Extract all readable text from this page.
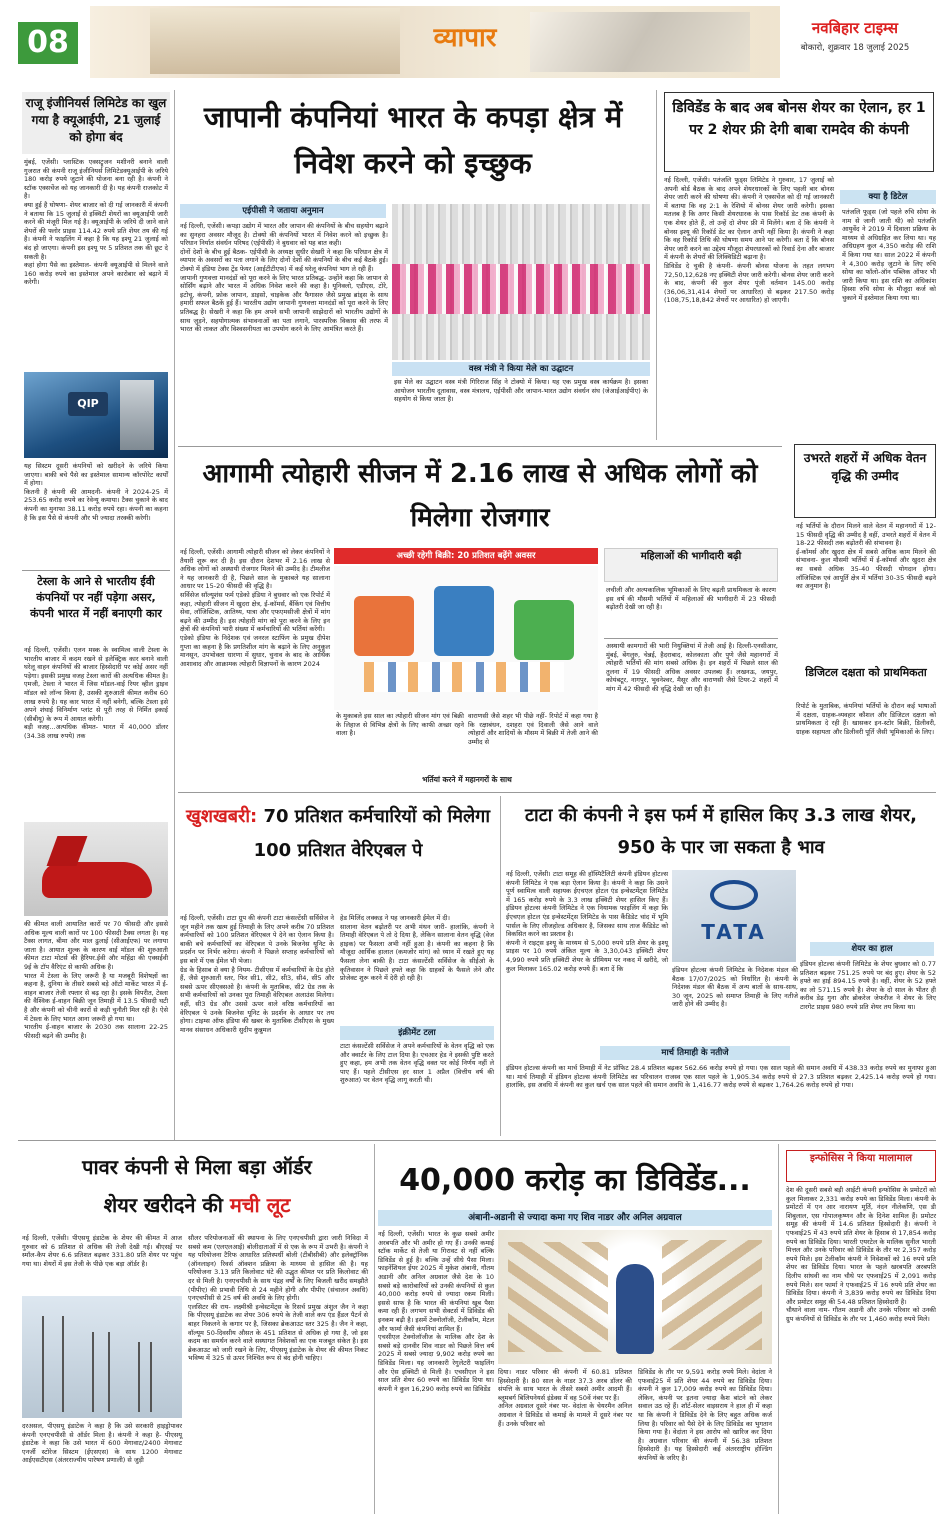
08	व्यापार	नवबिहार टाइम्स
बोकारो, शुक्रवार 18 जुलाई 2025
राजू इंजीनियर्स लिमिटेड का खुल गया है क्यूआईपी, 21 जुलाई को होगा बंद
मुंबई, एजेंसी। प्लास्टिक एक्सट्रूजन मशीनरी बनाने वाली गुजरात की कंपनी राजू इंजीनियर्स लिमिटेडक्यूआईपी के जरिये 180 करोड़ रुपये जुटाने की योजना बना रही है। कंपनी ने स्टॉक एक्सचेंज को यह जानकारी दी है। यह कंपनी राजकोट में है।
क्या हुई है घोषणा- शेयर बाजार को दी गई जानकारी में कंपनी ने बताया कि 15 जुलाई से इक्विटी शेयरों का क्यूआईपी जारी करने की मंजूरी मिल गई है। क्यूआईपी के जरिये दी जाने वाले शेयरों की फ्लोर प्राइस 114.42 रुपये प्रति शेयर तय की गई है। कंपनी ने फाइलिंग में कहा है कि यह इश्यू 21 जुलाई को बंद हो जाएगा। कंपनी इस इश्यू पर 5 प्रतिशत तक की छूट दे सकती है।
कहां होगा पैसे का इस्तेमाल- कंपनी क्यूआईपी से मिलने वाले 160 करोड़ रुपये का इस्तेमाल अपने कारोबार को बढ़ाने में करेगी।
QIP
यह सिस्टम दूसरी कंपनियों को खरीदने के जरिये किया जाएगा। बाकी बचे पैसे का इस्तेमाल सामान्य कॉरपोरेट कार्यों में होगा।
कितनी है कंपनी की आमदनी- कंपनी ने 2024-25 में 253.65 करोड़ रुपये का रेवेन्यू कमाया। टैक्स चुकाने के बाद कंपनी का मुनाफा 38.11 करोड़ रुपये रहा। कंपनी का कहना है कि इस पैसे से कंपनी और भी ज्यादा तरक्की करेगी।
टेस्ला के आने से भारतीय ईवी कंपनियों पर नहीं पड़ेगा असर, कंपनी भारत में नहीं बनाएगी कार
नई दिल्ली, एजेंसी। एलन मस्क के स्वामित्व वाली टेस्ला के भारतीय बाजार में कदम रखने से इलेक्ट्रिक कार बनाने वाली घरेलू वाहन कंपनियों की बाजार हिस्सेदारी पर कोई असर नहीं पड़ेगा। इसकी प्रमुख वजह टेस्ला कारों की अत्यधिक कीमत है। एमजी, टेस्ला ने भारत में जिस मॉडल-वाई रियर व्हील ड्राइव मॉडल को लॉन्च किया है, उसकी शुरुआती कीमत करीब 60 लाख रुपये है। यह कार भारत में नहीं बनेगी, बल्कि टेस्ला इसे अपने शंघाई विनिर्माण प्लांट से पूरी तरह से निर्मित इकाई (सीबीयू) के रूप में आयात करेगी।
बड़ी वजह...अत्यधिक कीमत- भारत में 40,000 डॉलर (34.38 लाख रुपये) तक
की कीमत वाली आयातित कारों पर 70 फीसदी और इससे अधिक मूल्य वाली कारों पर 100 फीसदी टैक्स लगता है। यह टैक्स लागत, बीमा और माल ढुलाई (सीआईएफ) पर लगाया जाता है। आयात शुल्क के कारण वाई मॉडल की शुरुआती कीमत टाटा मोटर्स की हैरियर.ईवी और महिंद्रा की एक्सईवी 9ई के टॉप वैरिएंट से काफी अधिक है।
भारत में टेस्ला के लिए जरूरी है या मजबूरी विशेषज्ञों का कहना है, दुनिया के तीसरे सबसे बड़े ऑटो मार्केट भारत में ई-वाहन बाजार तेजी रफ्तार से बढ़ रहा है। इसके विपरीत, टेस्ला की वैश्विक ई-वाहन बिक्री जून तिमाही में 13.5 फीसदी घटी है और कंपनी को चीनी कारों से कड़ी चुनौती मिल रही है। ऐसे में टेस्ला के लिए भारत आना जरूरी हो गया था।
भारतीय ई-वाहन बाजार के 2030 तक सालाना 22-25 फीसदी बढ़ने की उम्मीद है।
जापानी कंपनियां भारत के कपड़ा क्षेत्र में निवेश करने को इच्छुक
एईपीसी ने जताया अनुमान
नई दिल्ली, एजेंसी। कपड़ा उद्योग में भारत और जापान की कंपनियों के बीच सहयोग बढ़ाने का सुनहरा अवसर मौजूद है। टोक्यो की कंपनियों भारत में निवेश करने को इच्छुक है। परिधान निर्यात संवर्धन परिषद (एईपीसी) ने बुधवार को यह बात कही।
दोनों देशों के बीच हुई बैठक- एईपीसी के अध्यक्ष सुधीर सेखरी ने कहा कि परिधान क्षेत्र में व्यापार के अवसरों का पता लगाने के लिए दोनों देशों की कंपनियों के बीच कई बैठकें हुई। टोक्यो में इंडिया टेक्स ट्रेंड फेयर (आईटीटीएफ) में कई घरेलू कंपनियां भाग ले रही हैं।
जापानी गुणवत्ता मानदंडों को पूरा करने के लिए भारत प्रतिबद्ध- उन्होंने कहा कि जापान से सोर्सिंग बढ़ाने और भारत में अधिक निवेश करने की कहा है। यूनिक्लो, एडीएस, टोरे, इटोचू, कंपनी, फ्रोक जापान, डाइसो, चाइकेक और फैगासरु जैसे प्रमुख ब्रांड्स के साथ हमारी सफल बैठकें हुई हैं। भारतीय उद्योग जापानी गुणवत्ता मानदंडों को पूरा करने के लिए प्रतिबद्ध है। सेखरी ने कहा कि हम अपने सभी जापानी साझेदारों को भारतीय उद्योगों के साथ जुड़ने, सहयोगात्मक संभावनाओं का पता लगाने, पारस्परिक विकास की तरफ में भारत की ताकत और विश्वसनीयता का उपयोग करने के लिए आमंत्रित करते हैं।
वस्त्र मंत्री ने किया मेले का उद्घाटन
इस मेले का उद्घाटन वस्त्र मंत्री गिरिराज सिंह ने टोक्यो में किया। यह एक प्रमुख वस्त्र कार्यक्रम है। इसका आयोजन भारतीय दूतावास, वस्त्र मंत्रालय, एईपीसी और जापान-भारत उद्योग संवर्धन संघ (जेआईआईपीए) के सहयोग से किया जाता है।
डिविडेंड के बाद अब बोनस शेयर का ऐलान, हर 1 पर 2 शेयर फ्री देगी बाबा रामदेव की कंपनी
नई दिल्ली, एजेंसी। पतंजलि फूड्स लिमिटेड ने गुरुवार, 17 जुलाई को अपनी बोर्ड बैठक के बाद अपने शेयरधारकों के लिए पहली बार बोनस शेयर जारी करने की घोषणा की। कंपनी ने एक्सचेंज को दी गई जानकारी में बताया कि वह 2:1 के रेशियो में बोनस शेयर जारी करेगी। इसका मतलब है कि अगर किसी शेयरधारक के पास रिकॉर्ड डेट तक कंपनी के एक शेयर होते हैं, तो उन्हें दो शेयर फ्री में मिलेंगे। बता दें कि कंपनी ने बोनस इश्यू की रिकॉर्ड डेट का ऐलान अभी नहीं किया है। कंपनी ने कहा कि वह रिकॉर्ड तिथि की घोषणा समय आने पर करेगी। बता दें कि बोनस शेयर जारी करने का उद्देश्य मौजूदा शेयरधारकों को रिवार्ड देना और बाजार में कंपनी के शेयरों की लिक्विडिटी बढ़ाना है।
डिविडेंड दे चुकी है कंपनी- कंपनी बोनस योजना के तहत लगभग 72,50,12,628 नए इक्विटी शेयर जारी करेगी। बोनस शेयर जारी करने के बाद, कंपनी की कुल शेयर पूंजी वर्तमान 145.00 करोड़ (36,06,31,414 शेयरों पर आधारित) से बढ़कर 217.50 करोड़ (108,75,18,842 शेयरों पर आधारित) हो जाएगी।
क्या है डिटेल
पतंजलि फूड्स (जो पहले रुचि सोया के नाम से जानी जाती थी) को पतंजलि आयुर्वेद ने 2019 में दिवाला प्रक्रिया के माध्यम से अधिग्रहित कर लिया था। यह अधिग्रहण कुल 4,350 करोड़ की राशि में किया गया था। साल 2022 में कंपनी ने 4,300 करोड़ जुटाने के लिए रुचि सोया का फॉलो-ऑन पब्लिक ऑफर भी जारी किया था। इस राशि का अधिकांश हिस्सा रुचि सोया के मौजूदा कर्ज को चुकाने में इस्तेमाल किया गया था।
आगामी त्योहारी सीजन में 2.16 लाख से अधिक लोगों को मिलेगा रोजगार
नई दिल्ली, एजेंसी। आगामी त्योहारी सीजन को लेकर कंपनियों ने तैयारी शुरू कर दी है। इस दौरान देशभर में 2.16 लाख से अधिक लोगों को अस्थायी रोजगार मिलने की उम्मीद है। टीमलीज ने यह जानकारी दी है, पिछले साल के मुकाबले यह सालाना आधार पर 15-20 फीसदी की वृद्धि है।
सर्विसेज सॉल्यूशंस फर्म एडेको इंडिया ने बुधवार को एक रिपोर्ट में कहा, त्योहारी सीजन में खुदरा क्षेत्र, ई-कॉमर्स, बैंकिंग एवं वित्तीय सेवा, लॉजिस्टिक, आतिथ्य, यात्रा और एफएमसीजी क्षेत्रों में मांग बढ़ने की उम्मीद है। इस त्योहारी मांग को पूरा करने के लिए इन क्षेत्रों की कंपनियों भारी संख्या में कर्मचारियों की भर्तियां करेंगी।
एडेको इंडिया के निदेशक एवं जनरल स्टाफिंग के प्रमुख दीपेश गुप्ता का कहना है कि प्रगतिशील मांग के बढ़ाने के लिए अनुकूल मानसून, उपभोक्ता धारणा में सुधार, चुनाव के बाद के आर्थिक आशावाद और आक्रामक त्योहारी विज्ञापनों के कारण 2024
अच्छी रहेगी बिक्री: 20 प्रतिशत बढ़ेंगे अवसर
के मुकाबले इस साल का त्योहारी सीजन मांग एवं बिक्री के लिहाज से विभिन्न क्षेत्रों के लिए काफी अच्छा रहने वाला है।
वाराणसी जैसे शहर भी पीछे नहीं- रिपोर्ट में कहा गया है कि रक्षाबंधन, दशहरा एवं दिवाली जैसे आने वाले त्योहारों और शादियों के मौसम में बिक्री में तेजी आने की उम्मीद से
भर्तियां करने में महानगरों के साथ
महिलाओं की भागीदारी बढ़ी
लचीली और अल्पकालिक भूमिकाओं के लिए बढ़ती प्राथमिकता के कारण इस वर्ष की मौसमी भर्तियों में महिलाओं की भागीदारी में 23 फीसदी बढ़ोतरी देखी जा रही है।
अस्थायी कामगारों की भारी नियुक्तियां में तेजी आई है। दिल्ली-एनसीआर, मुंबई, बेंगलुरु, चेन्नई, हैदराबाद, कोलकाता और पुणे जैसे महानगरों में त्योहारी भर्तियों की मांग सबसे अधिक है। इन शहरों में पिछले साल की तुलना में 19 फीसदी अधिक अवसर उपलब्ध हैं। लखनऊ, जयपुर, कोयंबटूर, नागपुर, भुवनेश्वर, मैसूर और वाराणसी जैसे टियर-2 शहरों में मांग में 42 फीसदी की वृद्धि देखी जा रही है।
उभरते शहरों में अधिक वेतन वृद्धि की उम्मीद
नई भर्तियों के दौरान मिलने वाले वेतन में महानगरों में 12-15 फीसदी वृद्धि की उम्मीद है वहीं, उभरते शहरों में वेतन में 18-22 फीसदी तक बढ़ोतरी की संभावना है।
ई-कॉमर्स और खुदरा क्षेत्र में सबसे अधिक काम मिलने की संभावना- कुल मौसमी भर्तियों में ई-कॉमर्स और खुदरा क्षेत्र का सबसे अधिक 35-40 फीसदी योगदान होगा। लॉजिस्टिक एवं आपूर्ति क्षेत्र में भर्तियां 30-35 फीसदी बढ़ने का अनुमान है।
डिजिटल दक्षता को प्राथमिकता
रिपोर्ट के मुताबिक, कंपनियां भर्तियों के दौरान कई भाषाओं में दक्षता, ग्राहक-व्यवहार कौशल और डिजिटल दक्षता को प्राथमिकता दे रही हैं। खासकर इन-स्टोर बिक्री, डिलीवरी, ग्राहक सहायता और डिलीवरी पूर्ति जैसी भूमिकाओं के लिए।
खुशखबरी: 70 प्रतिशत कर्मचारियों को मिलेगा 100 प्रतिशत वेरिएबल पे
नई दिल्ली, एजेंसी। टाटा ग्रुप की कंपनी टाटा कंसल्टेंसी सर्विसेज ने जून महीने तक खत्म हुई तिमाही के लिए अपने करीब 70 प्रतिशत कर्मचारियों को 100 प्रतिशत वेरिएबल पे देने का ऐलान किया है। बाकी बचे कर्मचारियों का वेरिएबल पे उनके बिजनेस यूनिट के प्रदर्शन पर निर्भर करेगा। कंपनी ने पिछले सप्ताह कर्मचारियों को इस बारे में एक ईमेल भी भेजा।
ग्रेड के हिसाब से क्या है नियम- टीसीएस में कर्मचारियों के ग्रेड होते हैं, जैसे शुरुआती स्तर, फिर सी1, सी2, सी3, सी4, सी5 और सबसे ऊपर सीएक्सओ है। कंपनी के मुताबिक, सी2 ग्रेड तक के सभी कर्मचारियों को उनका पूरा तिमाही वेरिएबल अलाउंस मिलेगा। वहीं, सी3 ग्रेड और उससे ऊपर वाले वरिष्ठ कर्मचारियों का वेरिएबल पे उनके बिजनेस यूनिट के प्रदर्शन के आधार पर तय होगा। टाइम्स ऑफ इंडिया की खबर के मुताबिक टीसीएस के मुख्य मानव संसाधन अधिकारी सुदीप कुन्नुमल
हेड मिलिंद लक्कड़ ने यह जानकारी ईमेल में दी।
सालाना वेतन बढ़ोतरी पर अभी मंथन जारी- हालांकि, कंपनी ने तिमाही वेरिएबल पे तो दे दिया है, लेकिन सालाना वेतन वृद्धि (वेज हाइक) पर फैसला अभी नहीं हुआ है। कंपनी का कहना है कि मौजूदा आर्थिक हालात (कमजोर मांग) को ध्यान में रखते हुए यह फैसला लेना बाकी है। टाटा कंसल्टेंसी सर्विसेज के सीईओ के कृतिवासन ने पिछले हफ्ते कहा कि ग्राहकों के फैसले लेने और प्रोजेक्ट शुरू करने में देरी हो रही है।
इंक्रीमेंट टला
टाटा कंसल्टेंसी सर्विसेज ने अपने कर्मचारियों के वेतन वृद्धि को एक और क्वार्टर के लिए टाल दिया है। एचआर हेड ने इसकी पुष्टि करते हुए कहा, हम अभी तक वेतन वृद्धि वक्त पर कोई निर्णय नहीं ले पाए हैं। पहले टीसीएस हर साल 1 अप्रैल (वित्तीय वर्ष की शुरुआत) पर वेतन वृद्धि लागू करती थी।
टाटा की कंपनी ने इस फर्म में हासिल किए 3.3 लाख शेयर, 950 के पार जा सकता है भाव
नई दिल्ली, एजेंसी। टाटा समूह की हॉस्पिटैलिटी कंपनी इंडियन होटल्स कंपनी लिमिटेड ने एक बड़ा ऐलान किया है। कंपनी ने कहा कि उसने पूर्ण स्वामित्व वाली सहायक ईएचएल होटल एंड इन्वेस्टमेंट्स लिमिटेड में 165 करोड़ रुपये के 3.3 लाख इक्विटी शेयर हासिल किए हैं। इंडियन होटल्स कंपनी लिमिटेड ने एक नियामक फाइलिंग में कहा कि ईएचएल होटल एंड इन्वेस्टमेंट्स लिमिटेड के पास कैंडिडेट चांद में भूमि पार्सल के लिए लीजहोल्ड अधिकार है, जिसका साथ ताज कैंडिडेट को विकसित करने का प्रस्ताव है।
कंपनी ने राइट्स इश्यू के माध्यम से 5,000 रुपये प्रति शेयर के इश्यू प्राइस पर 10 रुपये अंकित मूल्य के 3,30,043 इक्विटी शेयर 4,990 रुपये प्रति इक्विटी शेयर के प्रीमियम पर नकद में खरीदे, जो कुल मिलाकर 165.02 करोड़ रुपये हैं। बता दें कि
TATA
इंडियन होटल्स कंपनी लिमिटेड के निदेशक मंडल की बैठक 17/07/2025 को निर्धारित है। कंपनी के निदेशक मंडल की बैठक में अन्य बातों के साथ-साथ, 30 जून, 2025 को समाप्त तिमाही के लिए नतीजे जारी होने की उम्मीद है।
शेयर का हाल
इंडियन होटल्स कंपनी लिमिटेड के शेयर बुधवार को 0.77 प्रतिशत बढ़कर 751.25 रुपये पर बंद हुए। शेयर के 52 हफ्ते का हाई 894.15 रुपये है। वहीं, शेयर के 52 हफ्ते का लो 571.15 रुपये है। शेयर के दो साल के भीतर ही करीब डेढ़ गुना और ब्रोकरेज जेफरीज ने शेयर के लिए टारगेट प्राइस 980 रुपये प्रति शेयर तय किया था।
मार्च तिमाही के नतीजे
इंडियन होटल्स कंपनी का मार्च तिमाही में नेट प्रॉफिट 28.4 प्रतिशत बढ़कर 562.66 करोड़ रुपये हो गया। एक साल पहले की समान अवधि में 438.33 करोड़ रुपये का मुनाफा हुआ था। मार्च तिमाही में इंडियन होटल्स कंपनी लिमिटेड का परिचालन राजस्व एक साल पहले के 1,905.34 करोड़ रुपये से 27.3 प्रतिशत बढ़कर 2,425.14 करोड़ रुपये हो गया। हालांकि, इस अवधि में कंपनी का कुल खर्च एक साल पहले की समान अवधि के 1,416.77 करोड़ रुपये से बढ़कर 1,764.26 करोड़ रुपये हो गया।
पावर कंपनी से मिला बड़ा ऑर्डर
शेयर खरीदने की मची लूट
नई दिल्ली, एजेंसी। पीएसयू इंडाटेक के शेयर की कीमत में आज गुरुवार को 6 प्रतिशत से अधिक की तेजी देखी गई। बीएसई पर स्मॉल-कैप शेयर 6.6 प्रतिशत बढ़कर 331.80 प्रति शेयर पर पहुंच गया था। शेयरों में इस तेजी के पीछे एक बड़ा ऑर्डर है।
दरअसल, पीएसयू इंडाटेक ने कहा है कि उसे सरकारी हाइड्रोपावर कंपनी एनएचपीसी से ऑर्डर मिला है। कंपनी ने कहा है- पीएसयू इंडाटेक ने कहा कि उसे भारत में 600 मेगावाट/2400 मेगावाट एनर्जी स्टोरेज सिस्टम (ईएसएस) के साथ 1200 मेगावाट आईएसटीएस (अंतरराज्यीय पारेषण प्रणाली) से जुड़ी
सौलर परियोजनाओं की स्थापना के लिए एनएचपीसी द्वारा जारी निविदा में सबसे कम (एलएलआई) बोलीदाताओं में से एक के रूप में उभरी है। कंपनी ने यह परियोजना टैरिफ आधारित प्रतिस्पर्धी बोली (टीबीसीबी) और इलेक्ट्रॉनिक (ऑनलाइन) रिवर्स ऑक्शन प्रक्रिया के माध्यम से हासिल की है। यह परियोजना 3.13 प्रति किलोवाट घंटे की उद्धृत कीमत पर प्रति किलोवाट की दर से मिली है। एनएचपीसी के साथ पंद्रह वर्षों के लिए बिजली खरीद समझौते (पीपीए) की प्रभावी तिथि से 24 महीने होगी और पीपीए (संचालन अवधि) एनएचपीसी से 25 वर्ष की अवधि के लिए होगी।
एलसिटर की राय- लक्ष्मीश्री इन्वेस्टमेंट्स के रिसर्च प्रमुख अंशुल जैन ने कहा कि पीएसयू इंडाटेक का शेयर 306 रुपये के तेजी वाले कप एंड हैंडल पैटर्न से बाहर निकलने के कगार पर है, जिसका ब्रेकआउट स्तर 325 है। जैन ने कहा, वॉल्यूम 50-दिवसीय औसत के 451 प्रतिशत से अधिक हो गया है, जो इस कदम का समर्थन करने वाले सस्थागत निवेशकों का एक मजबूत संकेत है। इस ब्रेकआउट को जारी रखने के लिए, पीएसयू इंडाटेक के शेयर की कीमत निकट भविष्य में 325 से ऊपर निश्चित रूप से बंद होनी चाहिए।
40,000 करोड़ का डिविडेंड...
अंबानी-अडानी से ज्यादा कमा गए शिव नाडर और अनिल अग्रवाल
नई दिल्ली, एजेंसी। भारत के कुछ सबसे अमीर अरबपति और भी अमीर हो गए हैं। उनकी कमाई स्टॉक मार्केट से तेजी या गिरावट से नहीं बल्कि डिविडेंड से हुई है। बल्कि उन्हें सीधे पैसा मिला। फाइनेंशियल ईयर 2025 में मुकेश अंबानी, गौतम अडानी और अनिल अग्रवाल जैसे देश के 10 सबसे बड़े कारोबारियों को उनकी कंपनियों से कुल 40,000 करोड़ रुपये से ज्यादा रकम मिली। इससे साफ है कि भारत की कंपनियां खूब पैसा कमा रही हैं। लगभग सभी सेक्टर्स में डिविडेंड की इनकम बढ़ी है। इसमें टेक्नोलॉजी, टेलीकॉम, मेटल और फार्मा जैसी कंपनियां शामिल हैं।
एचसीएल टेक्नोलॉजीज के मालिक और देश के सबसे बड़े दानवीर शिव नाडर को पिछले वित्त वर्ष 2025 में सबसे ज्यादा 9,902 करोड़ रुपये का डिविडेंड मिला। यह जानकारी रेगुलेटरी फाइलिंग और ऐस इक्विटी से मिली है। एचसीएल ने इस साल प्रति शेयर 60 रुपये का डिविडेंड दिया था। कंपनी ने कुल 16,290 करोड़ रुपये का डिविडेंड
दिया। नाडर परिवार की कंपनी में 60.81 प्रतिशत हिस्सेदारी है। 80 साल के नाडर 37.3 अरब डॉलर की संपत्ति के साथ भारत के तीसरे सबसे अमीर आदमी हैं। ब्लूमबर्ग बिलियनेयर्स इंडेक्स में वह 50वें नंबर पर हैं।
अनिल अग्रवाल दूसरे नंबर पर- वेदांता के चेयरमैन अनिल अग्रवाल ने डिविडेंड से कमाई के मामले में दूसरे नंबर पर हैं। उनके परिवार को
डिविडेंड के तौर पर 9,591 करोड़ रुपये मिले। वेदांता ने एफवाई25 में प्रति शेयर 44 रुपये का डिविडेंड दिया। कंपनी ने कुल 17,009 करोड़ रुपये का डिविडेंड दिया। लेकिन, कंपनी पर इतना ज्यादा कैश बांटने को लेकर सवाल उठ रहे हैं। शॉर्ट-सेलर वाइसराय ने हाल ही में कहा था कि कंपनी ने डिविडेंड देने के लिए बहुत अधिक कर्ज लिया है। परिवार को पैसे देने के लिए डिविडेंड का भुगतान किया गया है। वेदांता ने इस आरोप को खारिज कर दिया है। अग्रवाल परिवार की कंपनी में 56.38 प्रतिशत हिस्सेदारी है। यह हिस्सेदारी कई अंतरराष्ट्रीय होल्डिंग कंपनियों के जरिए है।
इन्फोसिस ने किया मालामाल
देश की दूसरी सबसे बड़ी आईटी कंपनी इन्फोसिस के प्रमोटरों को कुल मिलाकर 2,331 करोड़ रुपये का डिविडेंड मिला। कंपनी के प्रमोटरों में एन आर नारायण मूर्ति, नंदन नीलेकणि, एस डी शिबुलाल, एस गोपालकृष्णन और के दिनेश शामिल हैं। प्रमोटर समूह की कंपनी में 14.6 प्रतिशत हिस्सेदारी है। कंपनी ने एफवाई25 में 43 रुपये प्रति शेयर के हिसाब से 17,854 करोड़ रुपये का डिविडेंड दिया। भारती एयरटेल के मालिक सुनील भारती मित्तल और उनके परिवार को डिविडेंड के तौर पर 2,357 करोड़ रुपये मिले। इस टेलीकॉम कंपनी ने निवेशकों को 16 रुपये प्रति शेयर का डिविडेंड दिया। भारत के पहले खरबपति अरबपति दिलीप सांघवी का नाम चौथे पर एफवाई25 में 2,091 करोड़ रुपये मिले। सन फार्मा ने एफवाई25 में 16 रुपये प्रति शेयर का डिविडेंड दिया। कंपनी ने 3,839 करोड़ रुपये का डिविडेंड दिया और प्रमोटर समूह की 54.48 प्रतिशत हिस्सेदारी है।
चौथाने वाला नाम- गौतम अडानी और उनके परिवार को उनकी ग्रुप कंपनियों से डिविडेंड के तौर पर 1,460 करोड़ रुपये मिले।
